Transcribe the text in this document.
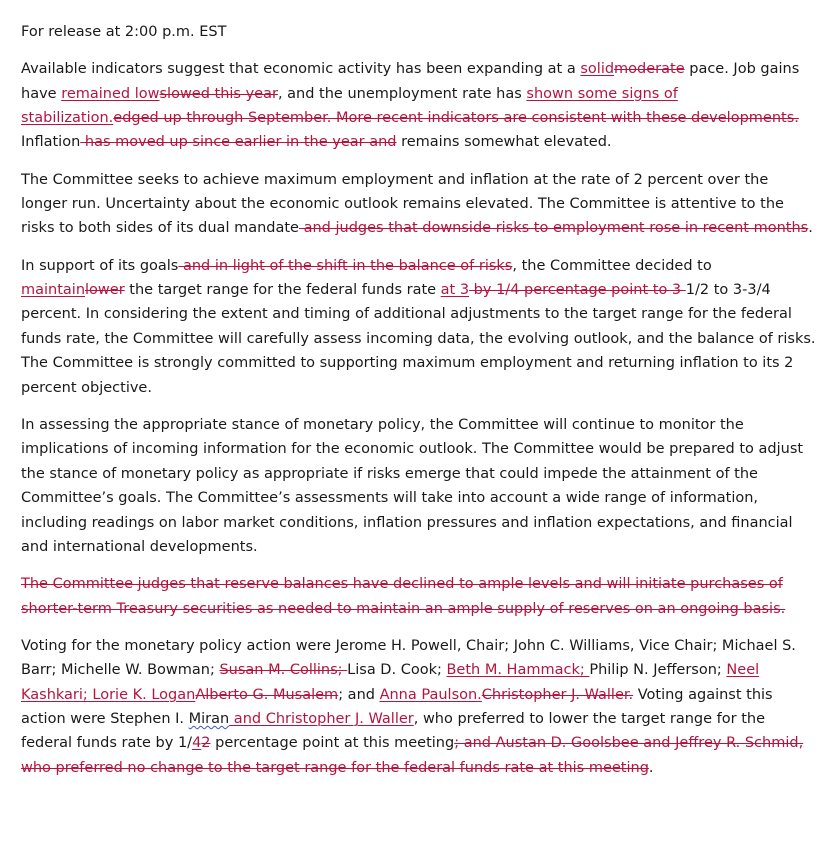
For release at 2:00 p.m. EST

Available indicators suggest that economic activity has been expanding at a solidmoderate pace. Job gains have remained lowslowed this year, and the unemployment rate has shown some signs of stabilization.edged up through September. More recent indicators are consistent with these developments. Inflation has moved up since earlier in the year and remains somewhat elevated.

The Committee seeks to achieve maximum employment and inflation at the rate of 2 percent over the longer run. Uncertainty about the economic outlook remains elevated. The Committee is attentive to the risks to both sides of its dual mandate and judges that downside risks to employment rose in recent months.

In support of its goals and in light of the shift in the balance of risks, the Committee decided to maintainlower the target range for the federal funds rate at 3 by 1/4 percentage point to 3 1/2 to 3-3/4 percent. In considering the extent and timing of additional adjustments to the target range for the federal funds rate, the Committee will carefully assess incoming data, the evolving outlook, and the balance of risks. The Committee is strongly committed to supporting maximum employment and returning inflation to its 2 percent objective.

In assessing the appropriate stance of monetary policy, the Committee will continue to monitor the implications of incoming information for the economic outlook. The Committee would be prepared to adjust the stance of monetary policy as appropriate if risks emerge that could impede the attainment of the Committee’s goals. The Committee’s assessments will take into account a wide range of information, including readings on labor market conditions, inflation pressures and inflation expectations, and financial and international developments.

The Committee judges that reserve balances have declined to ample levels and will initiate purchases of shorter-term Treasury securities as needed to maintain an ample supply of reserves on an ongoing basis.

Voting for the monetary policy action were Jerome H. Powell, Chair; John C. Williams, Vice Chair; Michael S. Barr; Michelle W. Bowman; Susan M. Collins; Lisa D. Cook; Beth M. Hammack; Philip N. Jefferson; Neel Kashkari; Lorie K. LoganAlberto G. Musalem; and Anna Paulson.Christopher J. Waller. Voting against this action were Stephen I. Miran and Christopher J. Waller, who preferred to lower the target range for the federal funds rate by 1/42 percentage point at this meeting; and Austan D. Goolsbee and Jeffrey R. Schmid, who preferred no change to the target range for the federal funds rate at this meeting.
